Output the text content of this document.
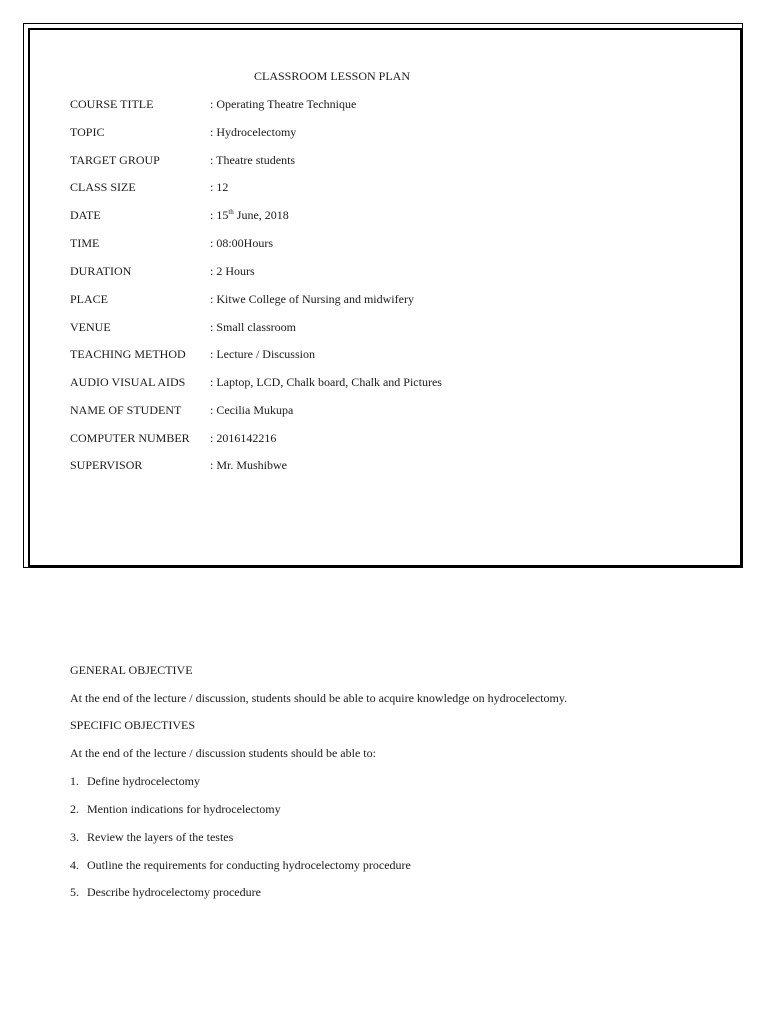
CLASSROOM LESSON PLAN
COURSE TITLE	: Operating Theatre Technique
TOPIC	: Hydrocelectomy
TARGET GROUP	: Theatre students
CLASS SIZE	: 12
DATE	: 15th June, 2018
TIME	: 08:00Hours
DURATION	: 2 Hours
PLACE	: Kitwe College of Nursing and midwifery
VENUE	: Small classroom
TEACHING METHOD : Lecture / Discussion
AUDIO VISUAL AIDS : Laptop, LCD, Chalk board, Chalk and Pictures
NAME OF STUDENT : Cecilia Mukupa
COMPUTER NUMBER : 2016142216
SUPERVISOR	: Mr. Mushibwe
GENERAL OBJECTIVE
At the end of the lecture / discussion, students should be able to acquire knowledge on hydrocelectomy.
SPECIFIC OBJECTIVES
At the end of the lecture / discussion students should be able to:
1. Define hydrocelectomy
2. Mention indications for hydrocelectomy
3. Review the layers of the testes
4. Outline the requirements for conducting hydrocelectomy procedure
5. Describe hydrocelectomy procedure
